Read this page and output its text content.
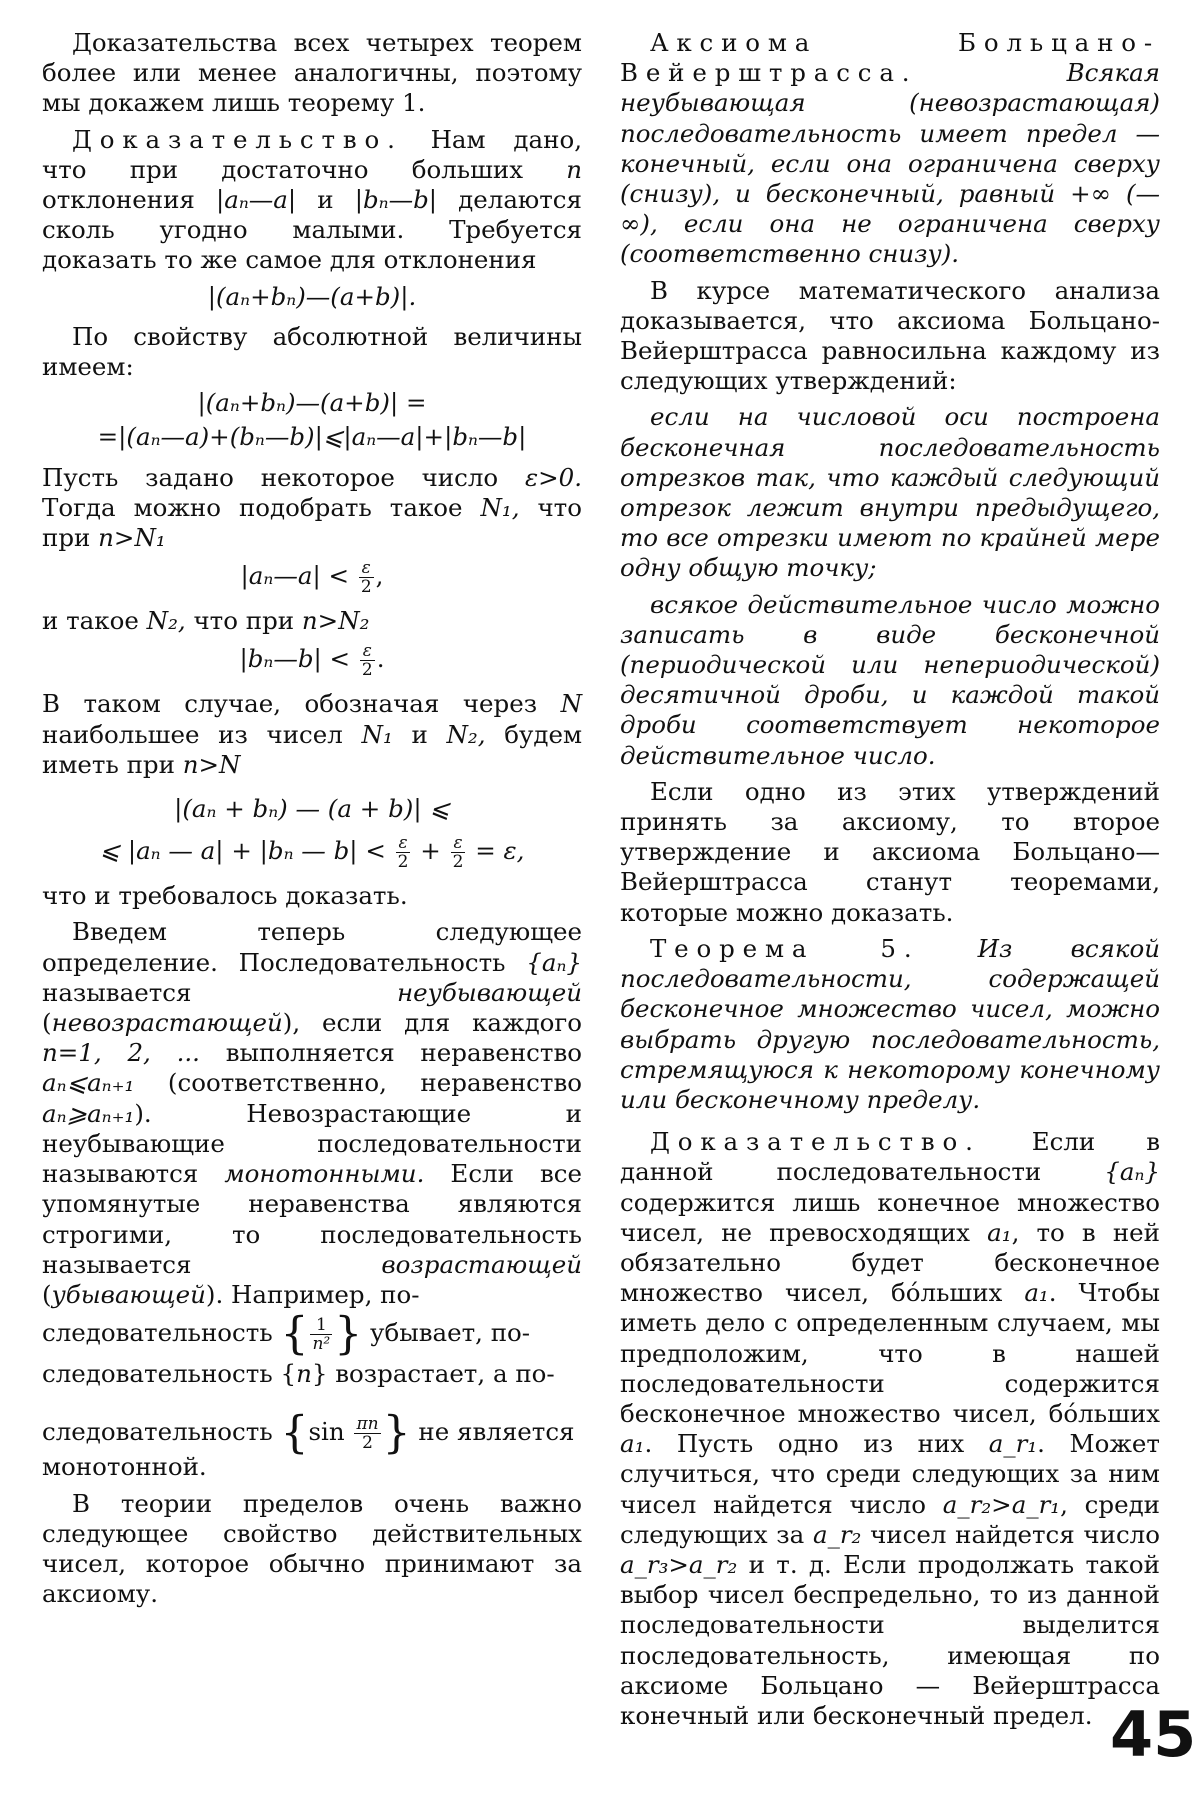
Доказательства всех четырех теорем более или менее аналогичны, поэтому мы докажем лишь теорему 1.

Доказательство. Нам дано, что при достаточно больших n отклонения |aₙ—a| и |bₙ—b| делаются сколь угодно малыми. Требуется доказать то же самое для отклонения

|(aₙ+bₙ)—(a+b)|.

По свойству абсолютной величины имеем:

|(aₙ+bₙ)—(a+b)| =
=|(aₙ—a)+(bₙ—b)|⩽|aₙ—a|+|bₙ—b|

Пусть задано некоторое число ε>0. Тогда можно подобрать такое N₁, что при n>N₁

|aₙ—a| < $\frac{\varepsilon}{2}$ ,

и такое N₂, что при n>N₂

|bₙ—b| < $\frac{\varepsilon}{2}$ .

В таком случае, обозначая через N наибольшее из чисел N₁ и N₂, будем иметь при n>N

|(aₙ + bₙ) — (a + b)| ⩽
⩽ |aₙ — a| + |bₙ — $b| < \frac{\varepsilon}{2} + \frac{\varepsilon}{2} = \varepsilon$,

что и требовалось доказать.

Введем теперь следующее определение. Последовательность {aₙ} называется неубывающей (невозрастающей), если для каждого n=1, 2, ... выполняется неравенство aₙ⩽aₙ₊₁ (соответственно, неравенство aₙ⩾aₙ₊₁). Невозрастающие и неубывающие последовательности называются монотонными. Если все упомянутые неравенства являются строгими, то последовательность называется возрастающей (убывающей). Например, по-

следовательность { $\frac{1}{\text{n²}}$ } убывает, по-

следовательность {n} возрастает, а по-

следовательность {$\sin \frac{\pi n}{2}$ } не является

монотонной.

В теории пределов очень важно следующее свойство действительных чисел, которое обычно принимают за аксиому.

Аксиома Больцано-Вейерштрасса. Всякая неубывающая (невозрастающая) последовательность имеет предел — конечный, если она ограничена сверху (снизу), и бесконечный, равный +∞ (—∞), если она не ограничена сверху (соответственно снизу).

В курсе математического анализа доказывается, что аксиома Больцано-Вейерштрасса равносильна каждому из следующих утверждений:

если на числовой оси построена бесконечная последовательность отрезков так, что каждый следующий отрезок лежит внутри предыдущего, то все отрезки имеют по крайней мере одну общую точку;

всякое действительное число можно записать в виде бесконечной (периодической или непериодической) десятичной дроби, и каждой такой дроби соответствует некоторое действительное число.

Если одно из этих утверждений принять за аксиому, то второе утверждение и аксиома Больцано—Вейерштрасса станут теоремами, которые можно доказать.

Теорема 5. Из всякой последовательности, содержащей бесконечное множество чисел, можно выбрать другую последовательность, стремящуюся к некоторому конечному или бесконечному пределу.

Доказательство. Если в данной последовательности {aₙ} содержится лишь конечное множество чисел, не превосходящих a₁, то в ней обязательно будет бесконечное множество чисел, бóльших a₁. Чтобы иметь дело с определенным случаем, мы предположим, что в нашей последовательности содержится бесконечное множество чисел, бóльших a₁. Пусть одно из них a_r₁. Может случиться, что среди следующих за ним чисел найдется число a_r₂>a_r₁, среди следующих за a_r₂ чисел найдется число a_r₃>a_r₂ и т. д. Если продолжать такой выбор чисел беспредельно, то из данной последовательности выделится последовательность, имеющая по аксиоме Больцано — Вейерштрасса конечный или бесконечный предел. 45
